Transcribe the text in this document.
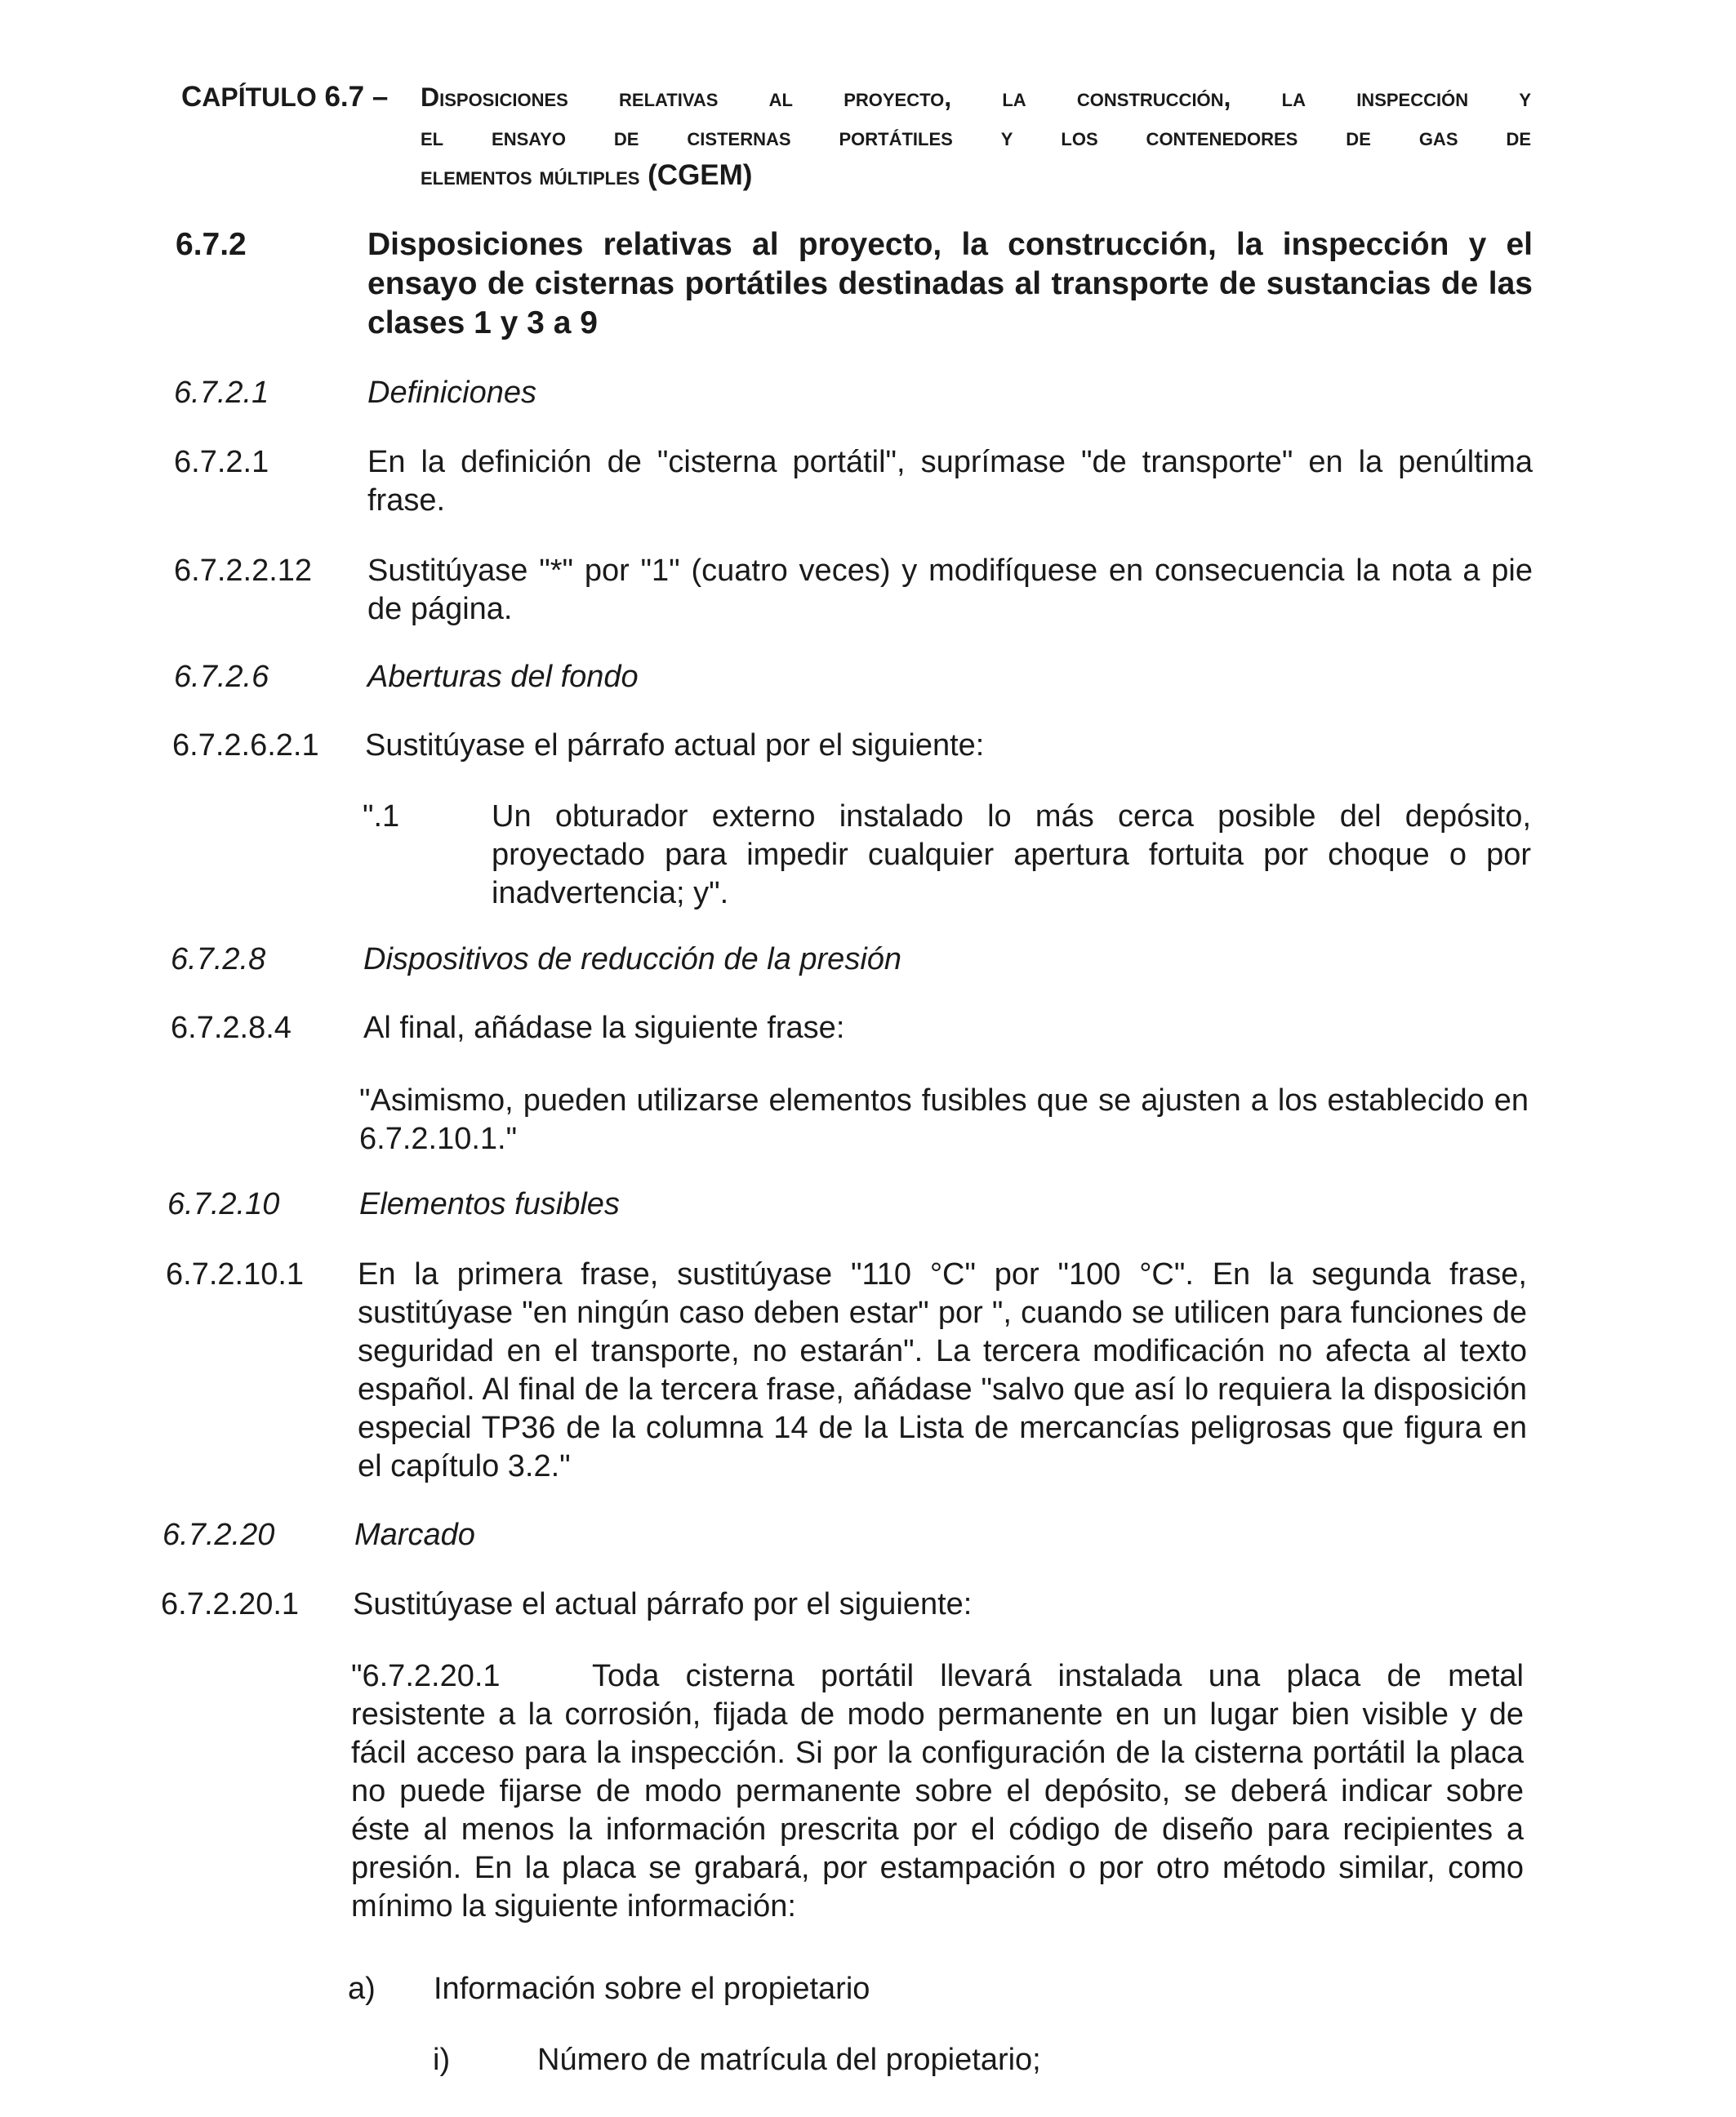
CAPÍTULO 6.7 – Disposiciones relativas al proyecto, la construcción, la inspección y
el ensayo de cisternas portátiles y los contenedores de gas de
elementos múltiples (CGEM)
6.7.2	Disposiciones relativas al proyecto, la construcción, la inspección y el ensayo de cisternas portátiles destinadas al transporte de sustancias de las clases 1 y 3 a 9
6.7.2.1	Definiciones
6.7.2.1	En la definición de "cisterna portátil", suprímase "de transporte" en la penúltima frase.
6.7.2.2.12 Sustitúyase "*" por "1" (cuatro veces) y modifíquese en consecuencia la nota a pie de página.
6.7.2.6	Aberturas del fondo
6.7.2.6.2.1 Sustitúyase el párrafo actual por el siguiente:
".1	Un obturador externo instalado lo más cerca posible del depósito, proyectado para impedir cualquier apertura fortuita por choque o por inadvertencia; y".
6.7.2.8	Dispositivos de reducción de la presión
6.7.2.8.4 Al final, añádase la siguiente frase:
"Asimismo, pueden utilizarse elementos fusibles que se ajusten a los establecido en 6.7.2.10.1."
6.7.2.10	Elementos fusibles
6.7.2.10.1 En la primera frase, sustitúyase "110 °C" por "100 °C". En la segunda frase, sustitúyase "en ningún caso deben estar" por ", cuando se utilicen para funciones de seguridad en el transporte, no estarán". La tercera modificación no afecta al texto español. Al final de la tercera frase, añádase "salvo que así lo requiera la disposición especial TP36 de la columna 14 de la Lista de mercancías peligrosas que figura en el capítulo 3.2."
6.7.2.20	Marcado
6.7.2.20.1 Sustitúyase el actual párrafo por el siguiente:
"6.7.2.20.1	Toda cisterna portátil llevará instalada una placa de metal resistente a la corrosión, fijada de modo permanente en un lugar bien visible y de fácil acceso para la inspección. Si por la configuración de la cisterna portátil la placa no puede fijarse de modo permanente sobre el depósito, se deberá indicar sobre éste al menos la información prescrita por el código de diseño para recipientes a presión. En la placa se grabará, por estampación o por otro método similar, como mínimo la siguiente información:
a) Información sobre el propietario
i)	Número de matrícula del propietario;
